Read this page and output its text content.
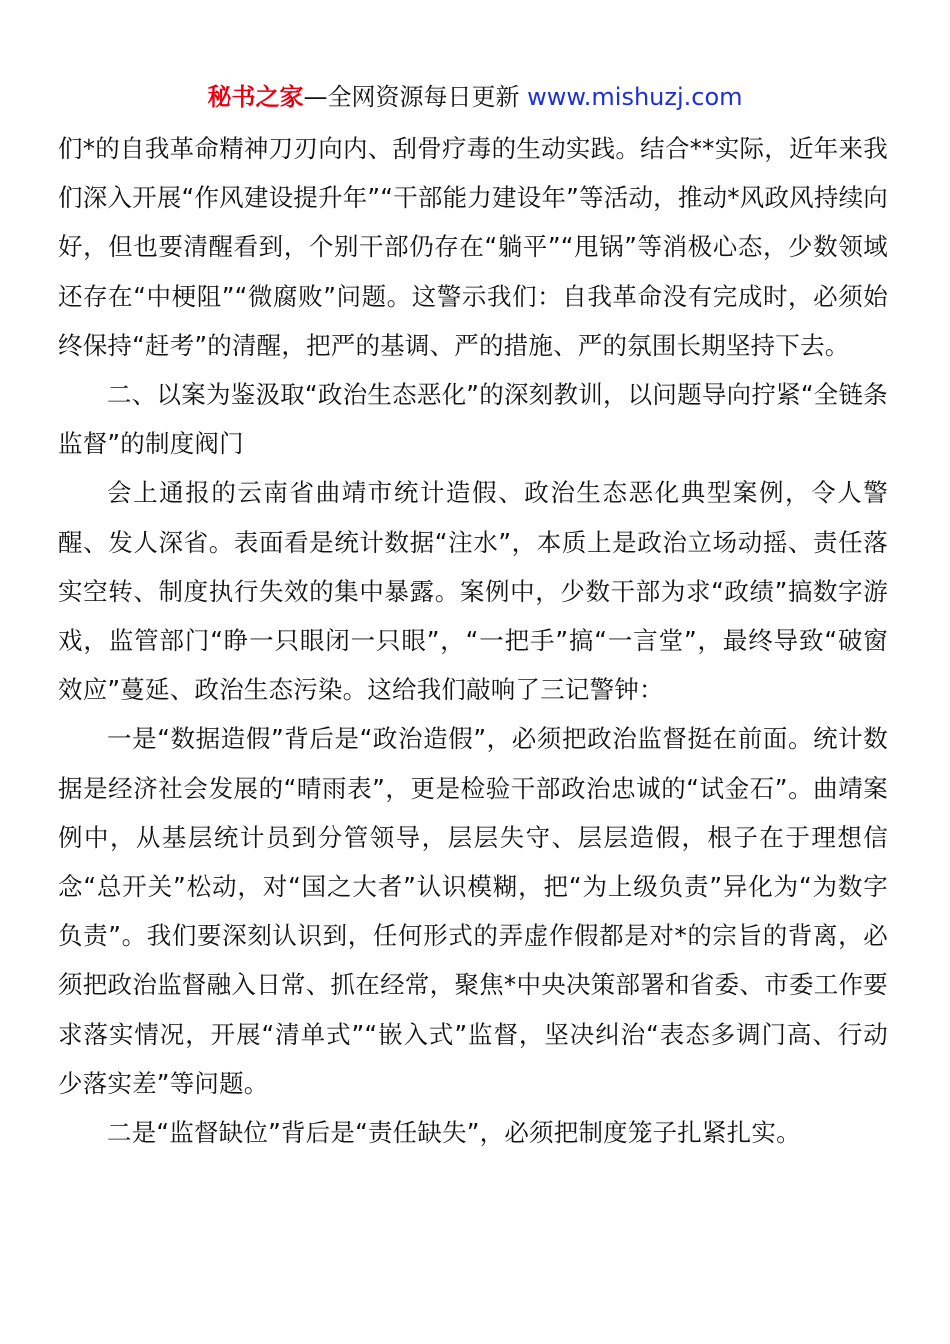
秘书之家—全网资源每日更新 www.mishuzj.com

们*的自我革命精神刀刃向内、刮骨疗毒的生动实践。结合**实际，近年来我们深入开展“作风建设提升年”“干部能力建设年”等活动，推动*风政风持续向好，但也要清醒看到，个别干部仍存在“躺平”“甩锅”等消极心态，少数领域还存在“中梗阻”“微腐败”问题。这警示我们：自我革命没有完成时，必须始终保持“赶考”的清醒，把严的基调、严的措施、严的氛围长期坚持下去。

二、以案为鉴汲取“政治生态恶化”的深刻教训，以问题导向拧紧“全链条监督”的制度阀门

会上通报的云南省曲靖市统计造假、政治生态恶化典型案例，令人警醒、发人深省。表面看是统计数据“注水”，本质上是政治立场动摇、责任落实空转、制度执行失效的集中暴露。案例中，少数干部为求“政绩”搞数字游戏，监管部门“睁一只眼闭一只眼”，“一把手”搞“一言堂”，最终导致“破窗效应”蔓延、政治生态污染。这给我们敲响了三记警钟：

一是“数据造假”背后是“政治造假”，必须把政治监督挺在前面。统计数据是经济社会发展的“晴雨表”，更是检验干部政治忠诚的“试金石”。曲靖案例中，从基层统计员到分管领导，层层失守、层层造假，根子在于理想信念“总开关”松动，对“国之大者”认识模糊，把“为上级负责”异化为“为数字负责”。我们要深刻认识到，任何形式的弄虚作假都是对*的宗旨的背离，必须把政治监督融入日常、抓在经常，聚焦*中央决策部署和省委、市委工作要求落实情况，开展“清单式”“嵌入式”监督，坚决纠治“表态多调门高、行动少落实差”等问题。

二是“监督缺位”背后是“责任缺失”，必须把制度笼子扎紧扎实。
